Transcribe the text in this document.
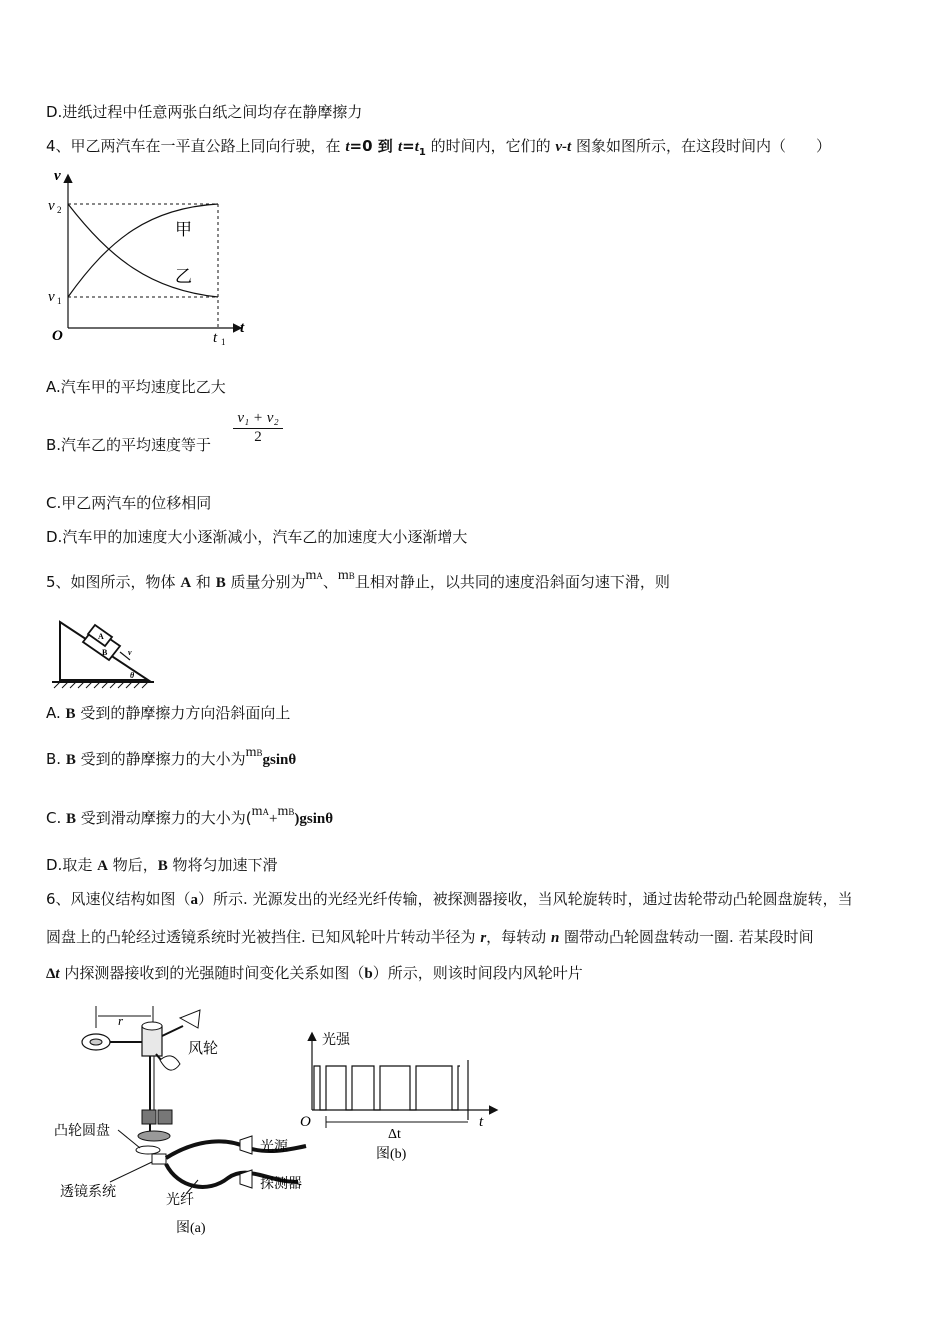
D.进纸过程中任意两张白纸之间均存在静摩擦力
4、甲乙两汽车在一平直公路上同向行驶，在 t=0 到 $t=t_1$ 的时间内，它们的 v-t 图象如图所示，在这段时间内（　　）
v
t
O
v 2
v 1
t 1
甲
乙
A.汽车甲的平均速度比乙大
B.汽车乙的平均速度等于 $\frac{\text{v₁ + v₂}}{2}$
C.甲乙两汽车的位移相同
D.汽车甲的加速度大小逐渐减小，汽车乙的加速度大小逐渐增大
5、如图所示，物体 A 和 B 质量分别为mA、mB且相对静止，以共同的速度沿斜面匀速下滑，则
A
B	v
θ
A. B 受到的静摩擦力方向沿斜面向上
B. B 受到的静摩擦力的大小为mBgsinθ
C. B 受到滑动摩擦力的大小为(mA+mB)gsinθ
D.取走 A 物后，B 物将匀加速下滑
6、风速仪结构如图（a）所示. 光源发出的光经光纤传输，被探测器接收，当风轮旋转时，通过齿轮带动凸轮圆盘旋转，当
圆盘上的凸轮经过透镜系统时光被挡住. 已知风轮叶片转动半径为 r，每转动 n 圈带动凸轮圆盘转动一圈. 若某段时间
Δt 内探测器接收到的光强随时间变化关系如图（b）所示，则该时间段内风轮叶片
r
凸轮圆盘
透镜系统
光纤
光源
探测器
风轮
图(a)
光强
O	t
Δt
图(b)
